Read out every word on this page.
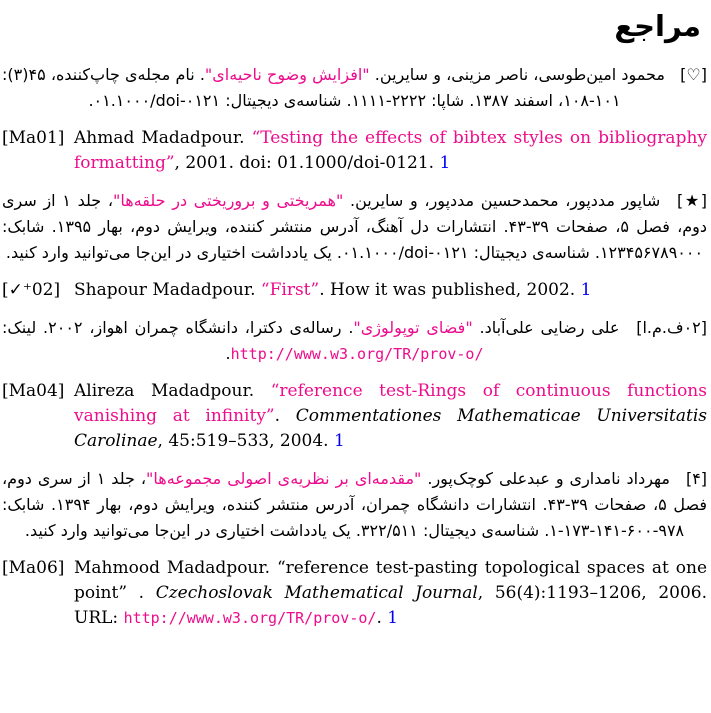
مراجع
[♡] محمود امین‌طوسی، ناصر مزینی، و سایرین. "افزایش وضوح ناحیه‌ای". نام مجله‌ی چاپ‌کننده، ۴۵(۳): ۱۰۱-۱۰۸، اسفند ۱۳۸۷. شاپا: ۲۲۲۲-۱۱۱۱. شناسه‌ی دیجیتال: ۰۱.۱۰۰۰/doi-۰۱۲۱.
[Ma01] Ahmad Madadpour. “Testing the effects of bibtex styles on bibliography formatting”, 2001. doi: 01.1000/doi-0121. 1
[★] شاپور مددپور، محمدحسین مددپور، و سایرین. "همریختی و بروریختی در حلقه‌ها"، جلد ۱ از سری دوم، فصل ۵، صفحات ۳۹-۴۳. انتشارات دل آهنگ، آدرس منتشر کننده، ویرایش دوم، بهار ۱۳۹۵. شابک: ۱۲۳۴۵۶۷۸۹۰۰۰. شناسه‌ی دیجیتال: ۰۱.۱۰۰۰/doi-۰۱۲۱. یک یادداشت اختیاری در این‌جا می‌توانید وارد کنید.
[✓⁺02] Shapour Madadpour. “First”. How it was published, 2002. 1
[ا.م.ف۰۲] علی رضایی علی‌آباد. "فضای توپولوژی". رساله‌ی دکترا، دانشگاه چمران اهواز، ۲۰۰۲. لینک: http://www.w3.org/TR/prov-o/.
[Ma04] Alireza Madadpour. “reference test-Rings of continuous functions vanishing at infinity”. Commentationes Mathematicae Universitatis Carolinae, 45:519–533, 2004. 1
[۴] مهرداد نامداری و عبدعلی کوچک‌پور. "مقدمه‌ای بر نظریه‌ی اصولی مجموعه‌ها"، جلد ۱ از سری دوم، فصل ۵، صفحات ۳۹-۴۳. انتشارات دانشگاه چمران، آدرس منتشر کننده، ویرایش دوم، بهار ۱۳۹۴. شابک: ۹۷۸-۶۰۰-۱۴۱-۱۷۳-۱. شناسه‌ی دیجیتال: ۳۲۲/۵۱۱. یک یادداشت اختیاری در این‌جا می‌توانید وارد کنید.
[Ma06] Mahmood Madadpour. “reference test-pasting topological spaces at one point” . Czechoslovak Mathematical Journal, 56(4):1193–1206, 2006. URL: http://www.w3.org/TR/prov-o/. 1
